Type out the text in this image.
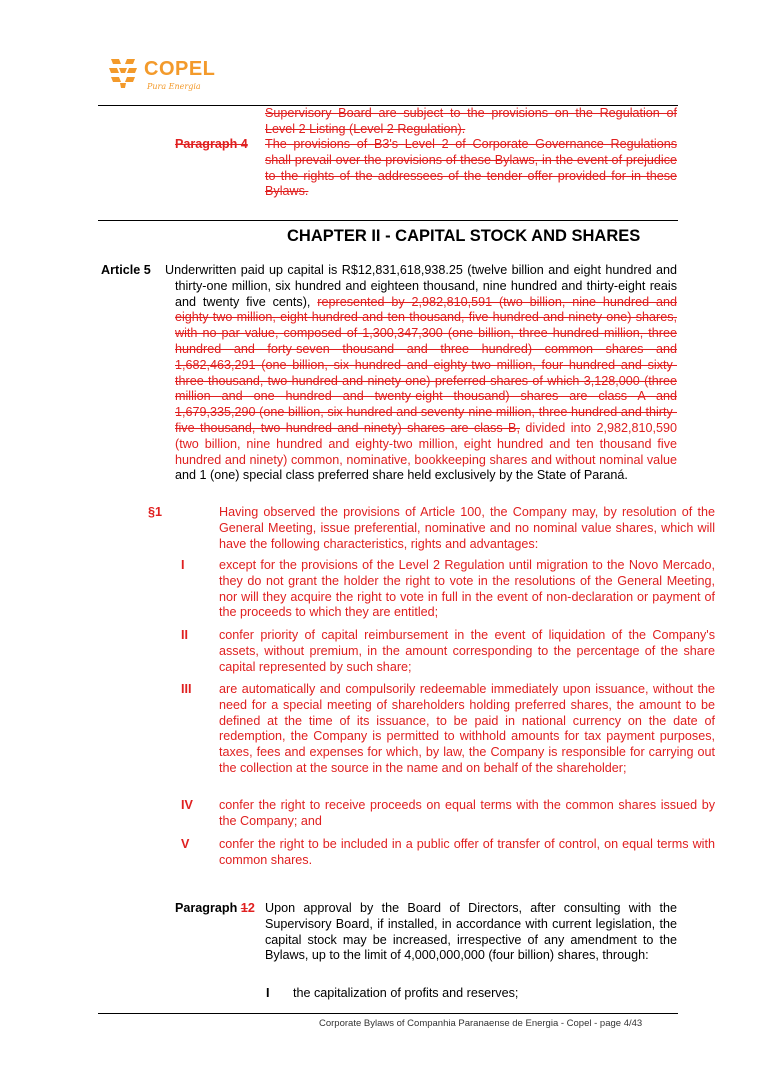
COPEL
Pura Energia
Supervisory Board are subject to the provisions on the Regulation of Level 2 Listing (Level 2 Regulation).
Paragraph 4 The provisions of B3's Level 2 of Corporate Governance Regulations shall prevail over the provisions of these Bylaws, in the event of prejudice to the rights of the addressees of the tender offer provided for in these Bylaws.
CHAPTER II - CAPITAL STOCK AND SHARES
Article 5 Underwritten paid up capital is R$12,831,618,938.25 (twelve billion and eight hundred and thirty-one million, six hundred and eighteen thousand, nine hundred and thirty-eight reais and twenty five cents), represented by 2,982,810,591 (two billion, nine hundred and eighty-two million, eight hundred and ten thousand, five hundred and ninety-one) shares, with no par value, composed of 1,300,347,300 (one billion, three hundred million, three hundred and forty-seven thousand and three hundred) common shares and 1,682,463,291 (one billion, six hundred and eighty-two million, four hundred and sixty-three thousand, two hundred and ninety-one) preferred shares of which 3,128,000 (three million and one hundred and twenty-eight thousand) shares are class A and 1,679,335,290 (one billion, six hundred and seventy-nine million, three hundred and thirty-five thousand, two hundred and ninety) shares are class B, divided into 2,982,810,590 (two billion, nine hundred and eighty-two million, eight hundred and ten thousand five hundred and ninety) common, nominative, bookkeeping shares and without nominal value and 1 (one) special class preferred share held exclusively by the State of Paraná.
§1	Having observed the provisions of Article 100, the Company may, by resolution of the General Meeting, issue preferential, nominative and no nominal value shares, which will have the following characteristics, rights and advantages:
I	except for the provisions of the Level 2 Regulation until migration to the Novo Mercado, they do not grant the holder the right to vote in the resolutions of the General Meeting, nor will they acquire the right to vote in full in the event of non-declaration or payment of the proceeds to which they are entitled;
II confer priority of capital reimbursement in the event of liquidation of the Company's assets, without premium, in the amount corresponding to the percentage of the share capital represented by such share;
III are automatically and compulsorily redeemable immediately upon issuance, without the need for a special meeting of shareholders holding preferred shares, the amount to be defined at the time of its issuance, to be paid in national currency on the date of redemption, the Company is permitted to withhold amounts for tax payment purposes, taxes, fees and expenses for which, by law, the Company is responsible for carrying out the collection at the source in the name and on behalf of the shareholder;
IV confer the right to receive proceeds on equal terms with the common shares issued by the Company; and
V confer the right to be included in a public offer of transfer of control, on equal terms with common shares.
Paragraph 12 Upon approval by the Board of Directors, after consulting with the Supervisory Board, if installed, in accordance with current legislation, the capital stock may be increased, irrespective of any amendment to the Bylaws, up to the limit of 4,000,000,000 (four billion) shares, through:
I the capitalization of profits and reserves;
Corporate Bylaws of Companhia Paranaense de Energia - Copel - page 4/43
